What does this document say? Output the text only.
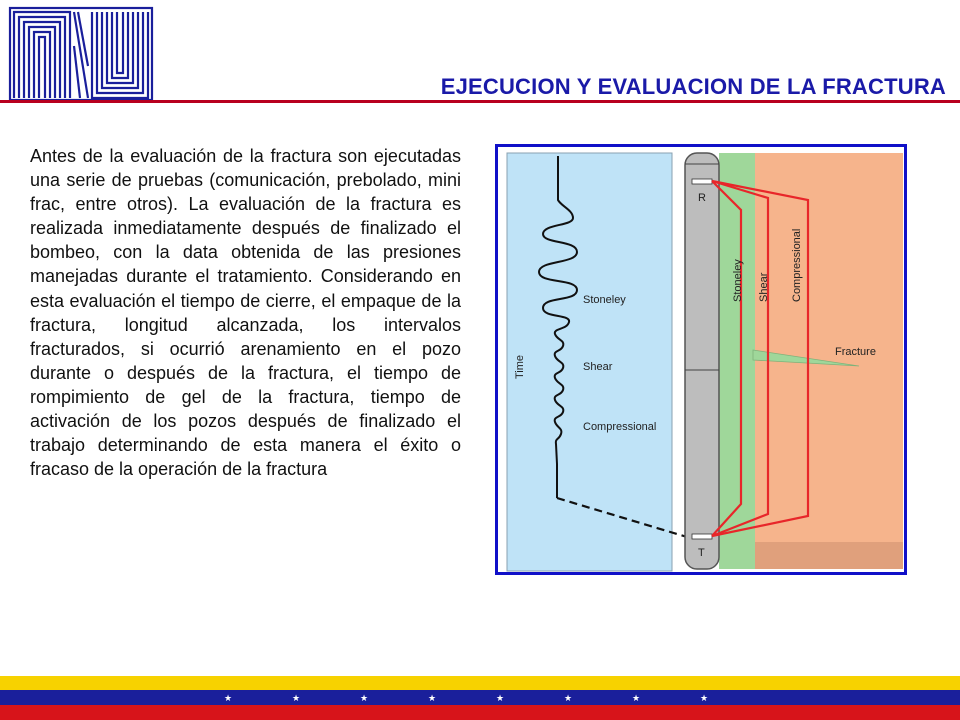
EJECUCION Y EVALUACION DE LA FRACTURA

Antes de la evaluación de la fractura son ejecutadas una serie de pruebas (comunicación, prebolado, mini frac, entre otros). La evaluación de la fractura es realizada inmediatamente después de finalizado el bombeo, con la data obtenida de las presiones manejadas durante el tratamiento. Considerando en esta evaluación el tiempo de cierre, el empaque de la fractura, longitud alcanzada, los intervalos fracturados, si ocurrió arenamiento en el pozo durante o después de la fractura, el tiempo de rompimiento de gel de la fractura, tiempo de activación de los pozos después de finalizado el trabajo determinando de esta manera el éxito o fracaso de la operación de la fractura

Time
Stoneley
Shear
Compressional
R
T
Stoneley Shear Compressional
Fracture
★	★	★	★	★	★	★	★
